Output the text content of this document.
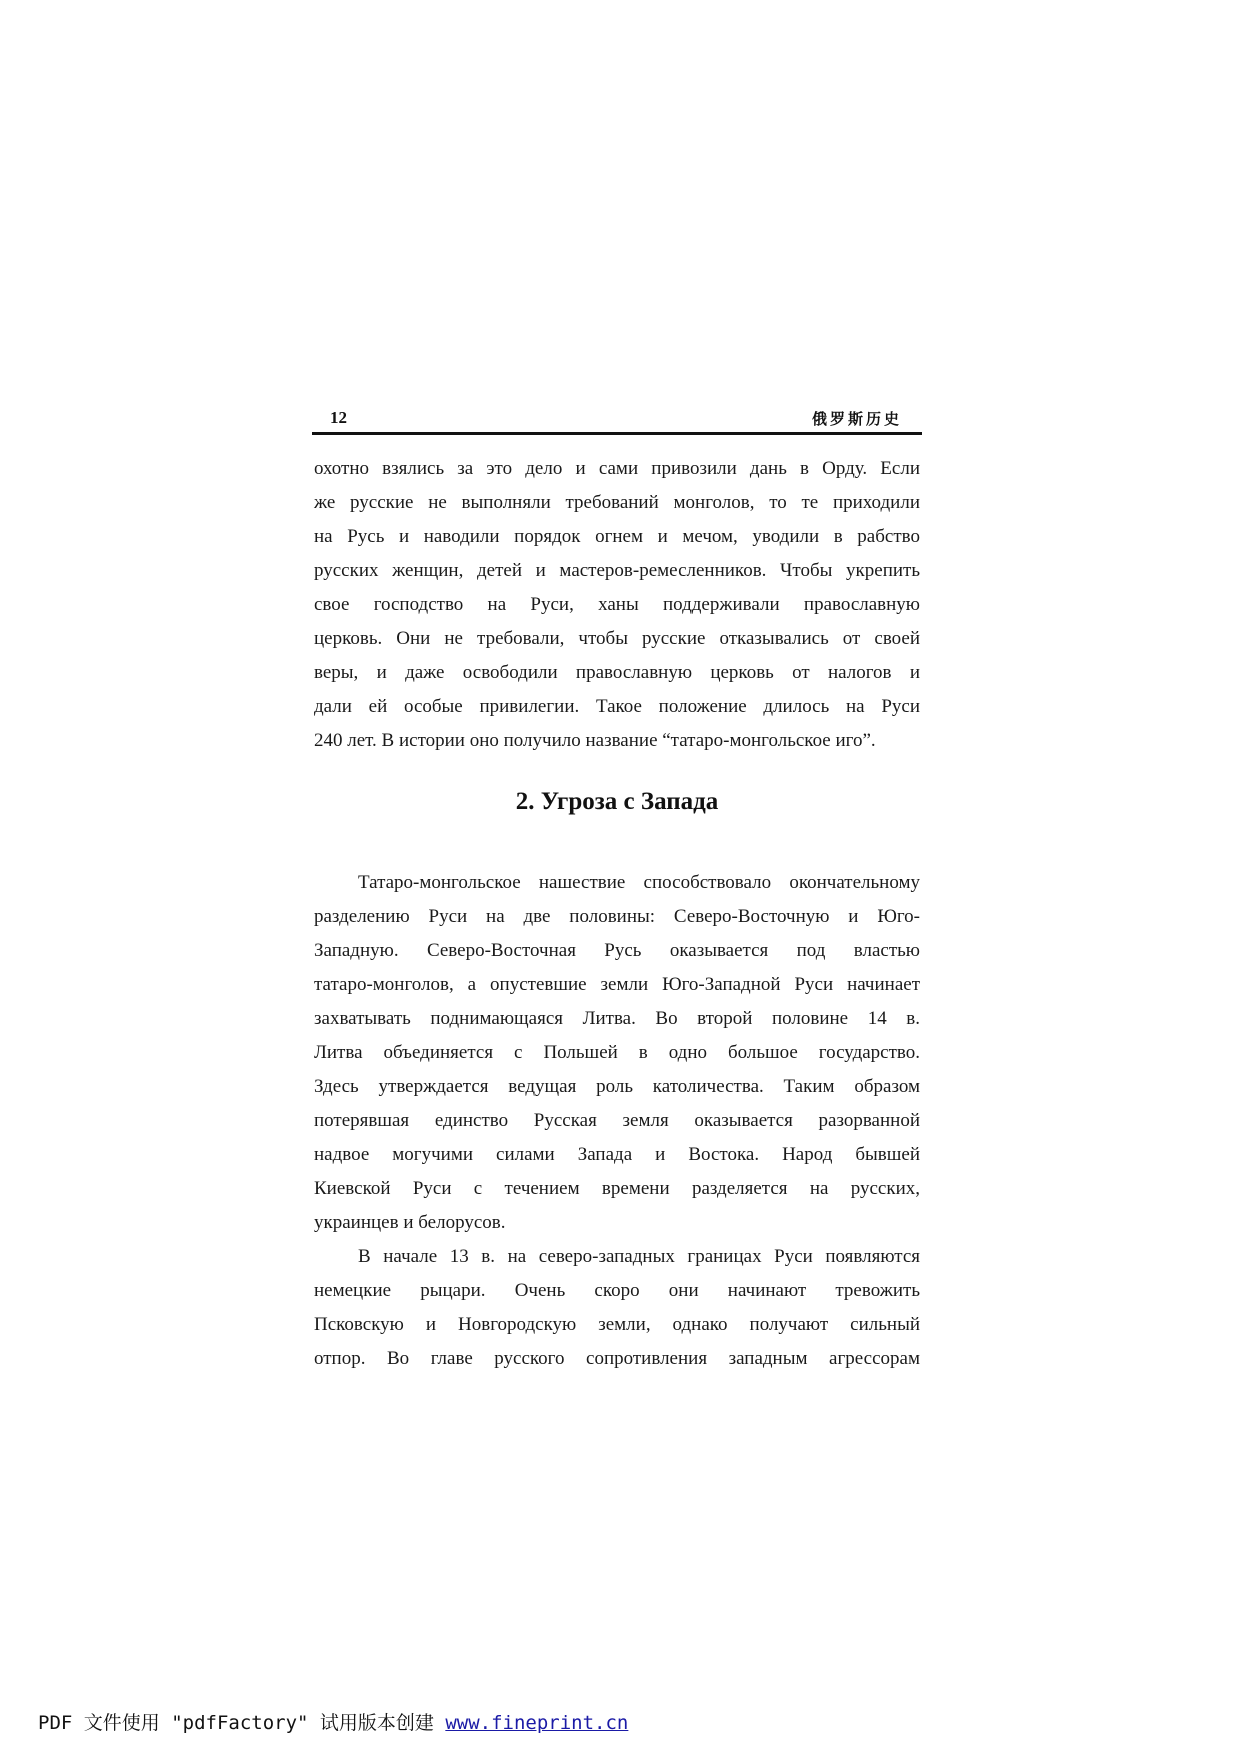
12	俄罗斯历史

охотно взялись за это дело и сами привозили дань в Орду. Если

же русские не выполняли требований монголов, то те приходили

на Русь и наводили порядок огнем и мечом, уводили в рабство

русских женщин, детей и мастеров-ремесленников. Чтобы укрепить

свое господство на Руси, ханы поддерживали православную

церковь. Они не требовали, чтобы русские отказывались от своей

веры, и даже освободили православную церковь от налогов и

дали ей особые привилегии. Такое положение длилось на Руси

240 лет. В истории оно получило название “татаро-монгольское иго”.

2. Угроза с Запада

Татаро-монгольское нашествие способствовало окончательному

разделению Руси на две половины: Северо-Восточную и Юго-

Западную. Северо-Восточная Русь оказывается под властью

татаро-монголов, а опустевшие земли Юго-Западной Руси начинает

захватывать поднимающаяся Литва. Во второй половине 14 в.

Литва объединяется с Польшей в одно большое государство.

Здесь утверждается ведущая роль католичества. Таким образом

потерявшая единство Русская земля оказывается разорванной

надвое могучими силами Запада и Востока. Народ бывшей

Киевской Руси с течением времени разделяется на русских,

украинцев и белорусов.

В начале 13 в. на северо-западных границах Руси появляются

немецкие рыцари. Очень скоро они начинают тревожить

Псковскую и Новгородскую земли, однако получают сильный

отпор. Во главе русского сопротивления западным агрессорам

PDF 文件使用 "pdfFactory" 试用版本创建 www.fineprint.cn
